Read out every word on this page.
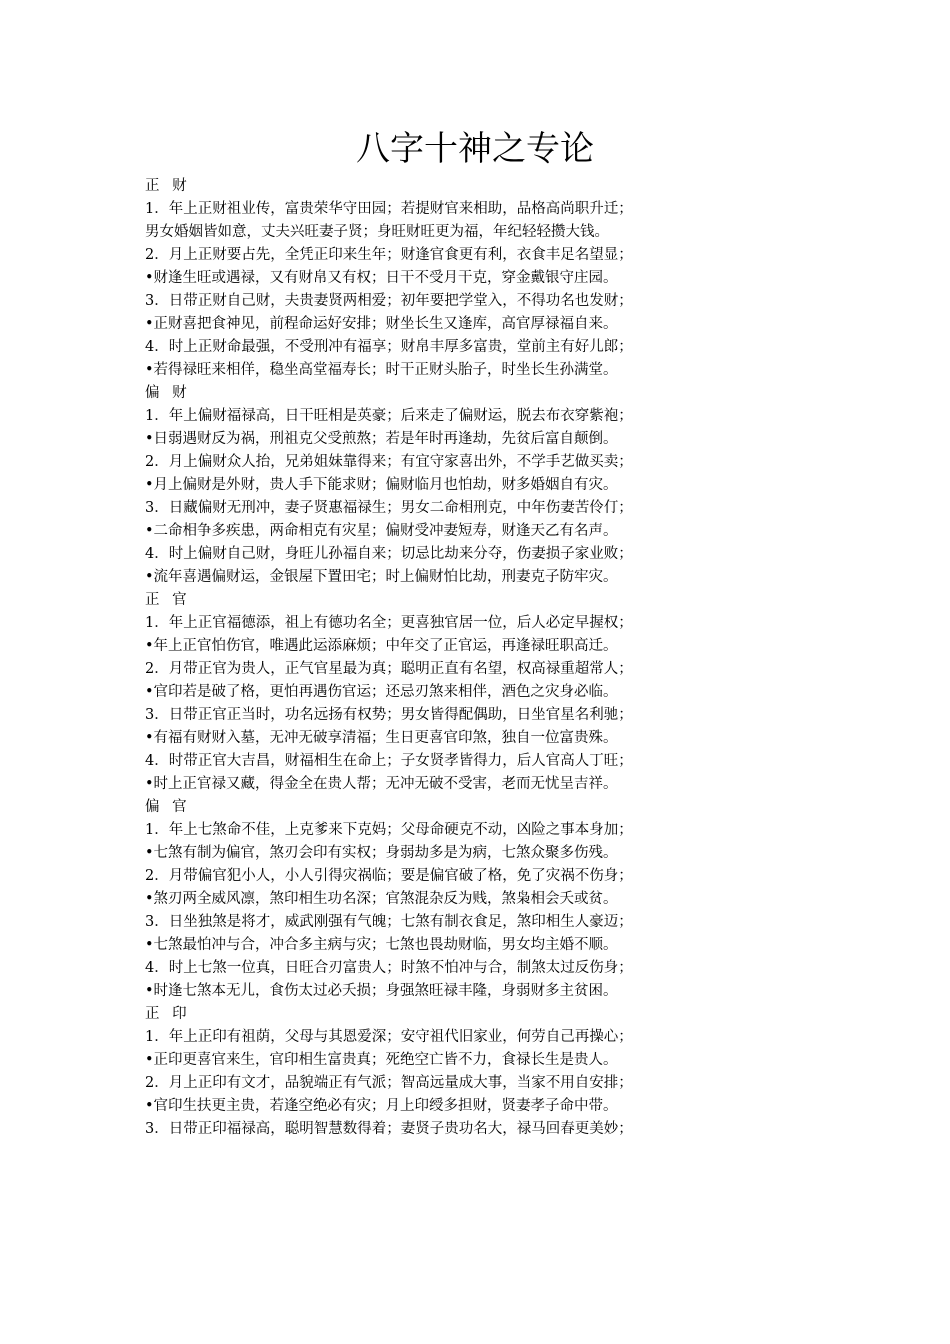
八字十神之专论
正 财
1．年上正财祖业传，富贵荣华守田园；若提财官来相助，品格高尚职升迁；
男女婚姻皆如意，丈夫兴旺妻子贤；身旺财旺更为福，年纪轻轻攒大钱。
2．月上正财要占先，全凭正印来生年；财逢官食更有利，衣食丰足名望显；
•财逢生旺或遇禄，又有财帛又有权；日干不受月干克，穿金戴银守庄园。
3．日带正财自己财，夫贵妻贤两相爱；初年要把学堂入，不得功名也发财；
•正财喜把食神见，前程命运好安排；财坐长生又逢库，高官厚禄福自来。
4．时上正财命最强，不受刑冲有福享；财帛丰厚多富贵，堂前主有好儿郎；
•若得禄旺来相佯，稳坐高堂福寿长；时干正财头胎子，时坐长生孙满堂。
偏 财
1．年上偏财福禄高，日干旺相是英豪；后来走了偏财运，脱去布衣穿紫袍；
•日弱遇财反为祸，刑祖克父受煎熬；若是年时再逢劫，先贫后富自颠倒。
2．月上偏财众人抬，兄弟姐妹靠得来；有宜守家喜出外，不学手艺做买卖；
•月上偏财是外财，贵人手下能求财；偏财临月也怕劫，财多婚姻自有灾。
3．日藏偏财无刑冲，妻子贤惠福禄生；男女二命相刑克，中年伤妻苦伶仃；
•二命相争多疾患，两命相克有灾星；偏财受冲妻短寿，财逢天乙有名声。
4．时上偏财自己财，身旺儿孙福自来；切忌比劫来分夺，伤妻损子家业败；
•流年喜遇偏财运，金银屋下置田宅；时上偏财怕比劫，刑妻克子防牢灾。
正 官
1．年上正官福德添，祖上有德功名全；更喜独官居一位，后人必定早握权；
•年上正官怕伤官，唯遇此运添麻烦；中年交了正官运，再逢禄旺职高迁。
2．月带正官为贵人，正气官星最为真；聪明正直有名望，权高禄重超常人；
•官印若是破了格，更怕再遇伤官运；还忌刃煞来相伴，酒色之灾身必临。
3．日带正官正当时，功名远扬有权势；男女皆得配偶助，日坐官星名利驰；
•有福有财财入墓，无冲无破享清福；生日更喜官印煞，独自一位富贵殊。
4．时带正官大吉昌，财福相生在命上；子女贤孝皆得力，后人官高人丁旺；
•时上正官禄又藏，得金全在贵人帮；无冲无破不受害，老而无忧呈吉祥。
偏 官
1．年上七煞命不佳，上克爹来下克妈；父母命硬克不动，凶险之事本身加；
•七煞有制为偏官，煞刃会印有实权；身弱劫多是为病，七煞众聚多伤残。
2．月带偏官犯小人，小人引得灾祸临；要是偏官破了格，免了灾祸不伤身；
•煞刃两全威风凛，煞印相生功名深；官煞混杂反为贱，煞枭相会夭或贫。
3．日坐独煞是将才，威武刚强有气魄；七煞有制衣食足，煞印相生人豪迈；
•七煞最怕冲与合，冲合多主病与灾；七煞也畏劫财临，男女均主婚不顺。
4．时上七煞一位真，日旺合刃富贵人；时煞不怕冲与合，制煞太过反伤身；
•时逢七煞本无儿，食伤太过必夭损；身强煞旺禄丰隆，身弱财多主贫困。
正 印
1．年上正印有祖荫，父母与其恩爱深；安守祖代旧家业，何劳自己再操心；
•正印更喜官来生，官印相生富贵真；死绝空亡皆不力，食禄长生是贵人。
2．月上正印有文才，品貌端正有气派；智高远量成大事，当家不用自安排；
•官印生扶更主贵，若逢空绝必有灾；月上印绶多担财，贤妻孝子命中带。
3．日带正印福禄高，聪明智慧数得着；妻贤子贵功名大，禄马回春更美妙；
